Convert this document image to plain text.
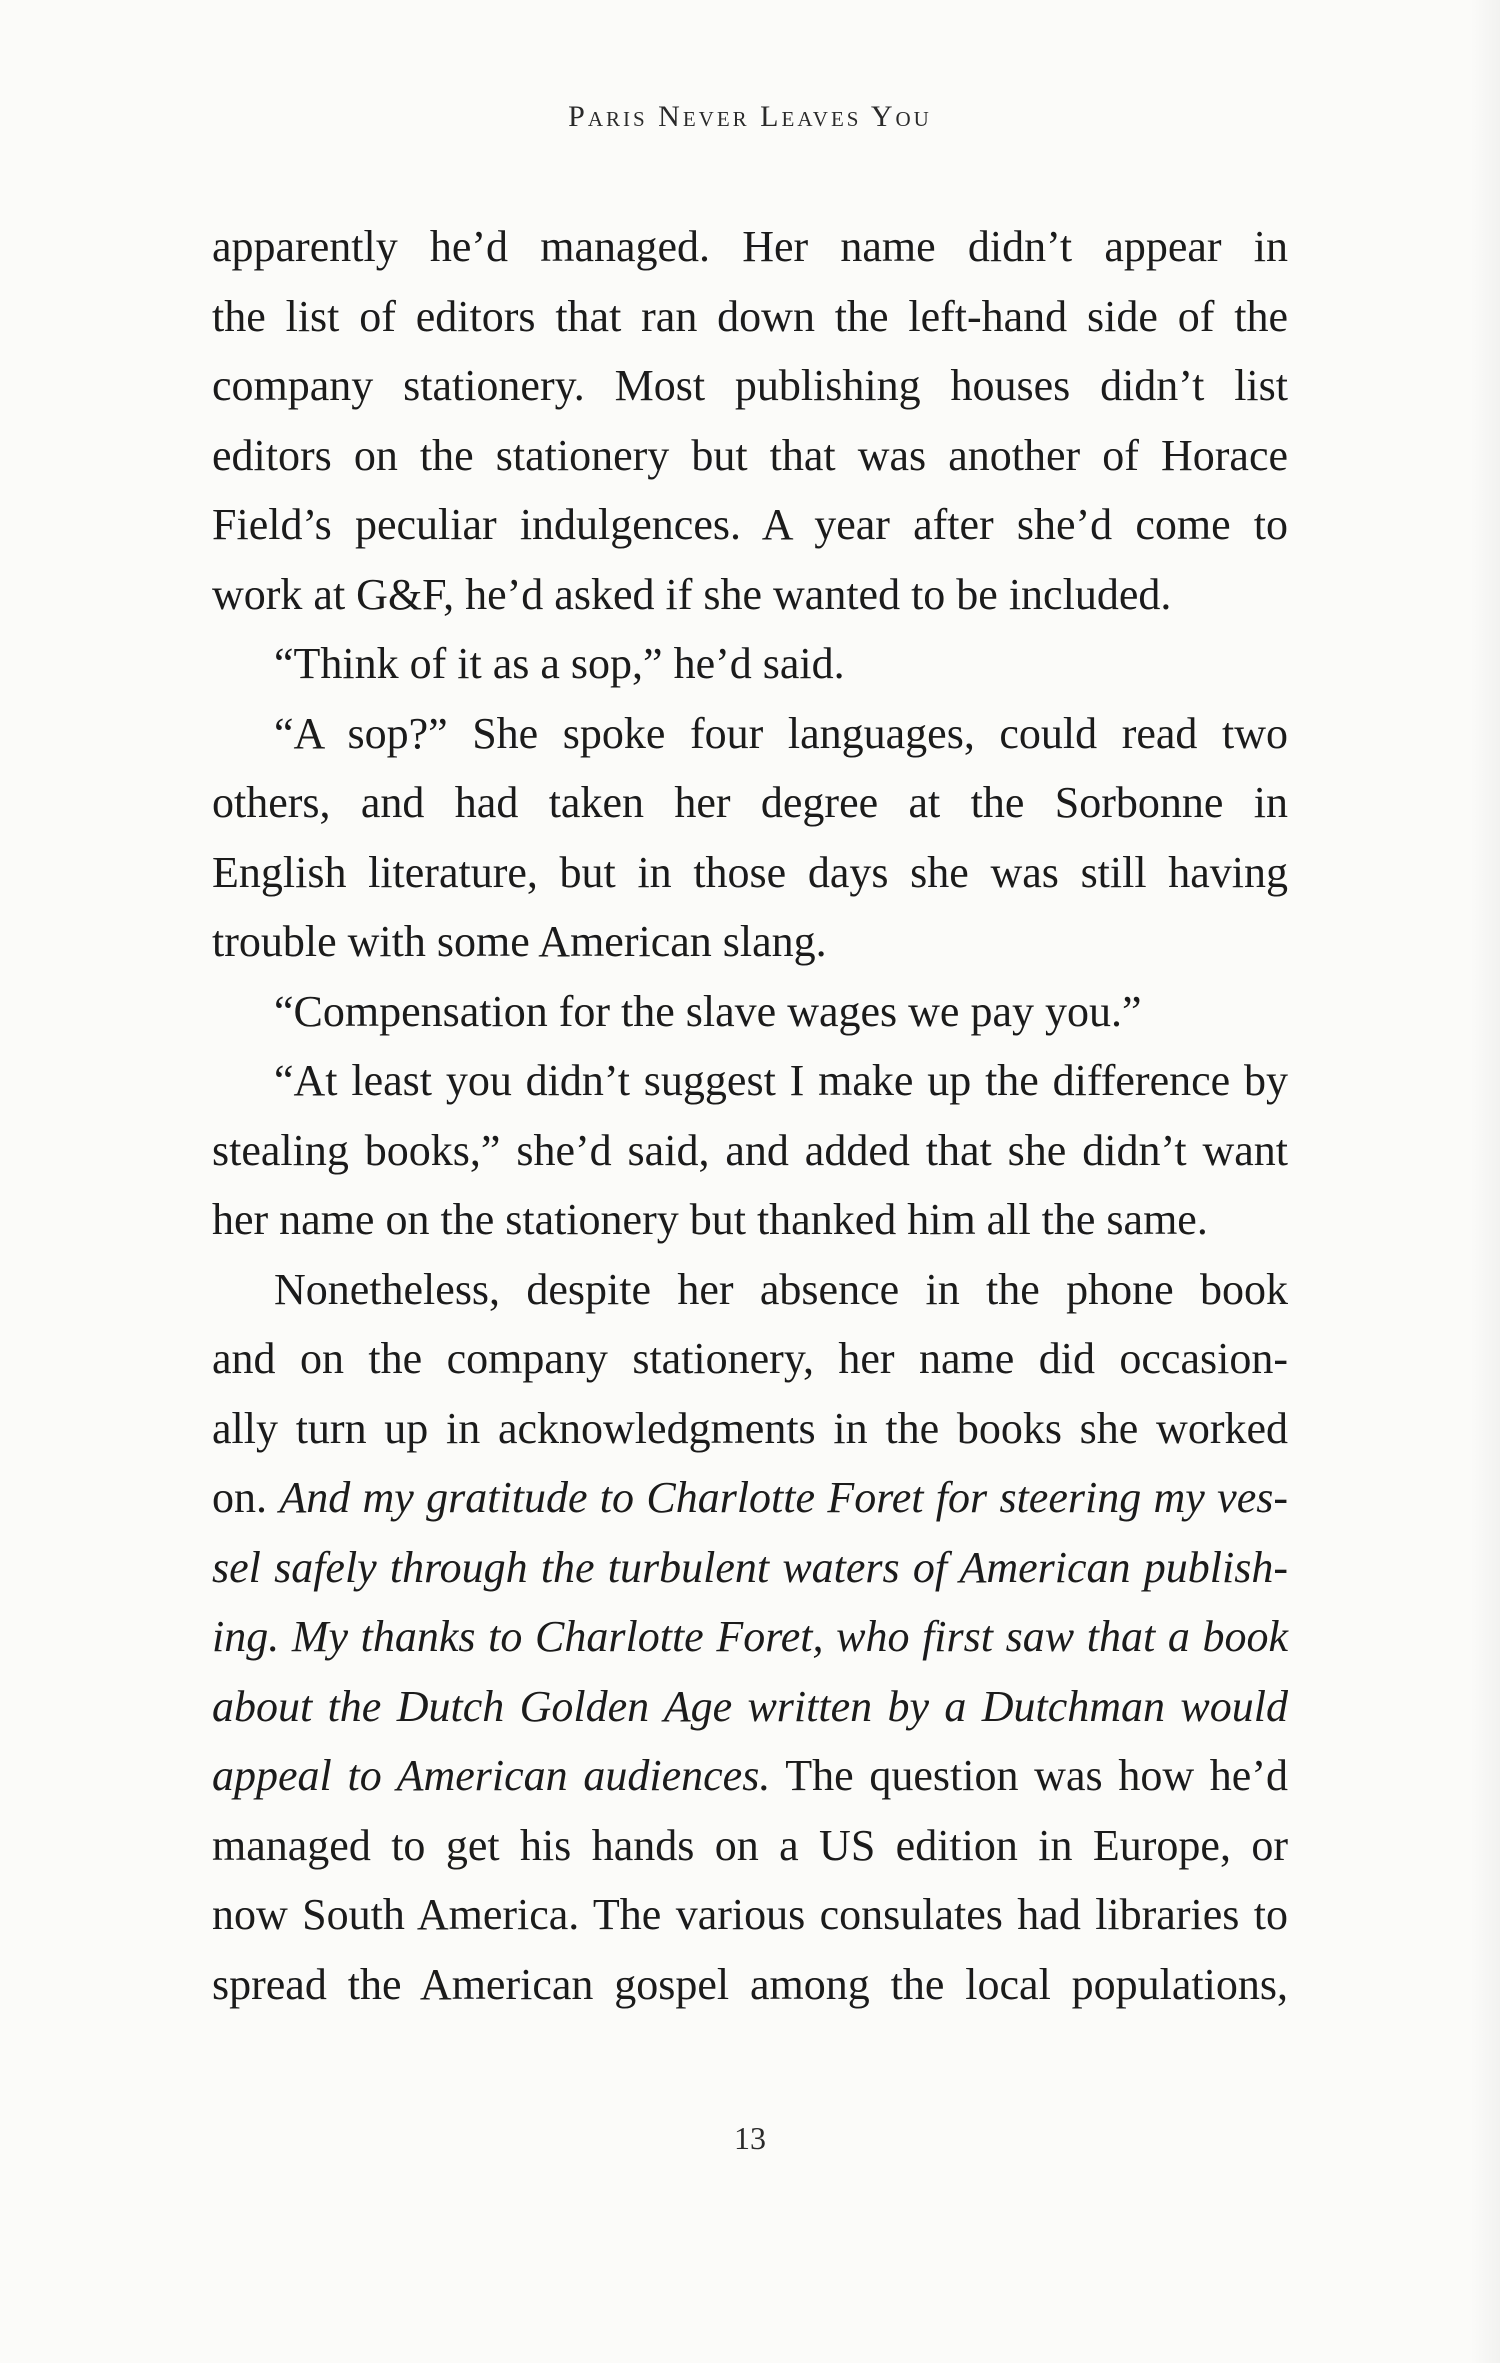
Paris Never Leaves You
apparently he’d managed. Her name didn’t appear in
the list of editors that ran down the left-hand side of the
company stationery. Most publishing houses didn’t list
editors on the stationery but that was another of Horace
Field’s peculiar indulgences. A year after she’d come to
work at G&F, he’d asked if she wanted to be included.
“Think of it as a sop,” he’d said.
“A sop?” She spoke four languages, could read two
others, and had taken her degree at the Sorbonne in
English literature, but in those days she was still having
trouble with some American slang.
“Compensation for the slave wages we pay you.”
“At least you didn’t suggest I make up the difference by
stealing books,” she’d said, and added that she didn’t want
her name on the stationery but thanked him all the same.
Nonetheless, despite her absence in the phone book
and on the company stationery, her name did occasion-
ally turn up in acknowledgments in the books she worked
on. And my gratitude to Charlotte Foret for steering my ves-
sel safely through the turbulent waters of American publish-
ing. My thanks to Charlotte Foret, who first saw that a book
about the Dutch Golden Age written by a Dutchman would
appeal to American audiences. The question was how he’d
managed to get his hands on a US edition in Europe, or
now South America. The various consulates had libraries to
spread the American gospel among the local populations,
13
